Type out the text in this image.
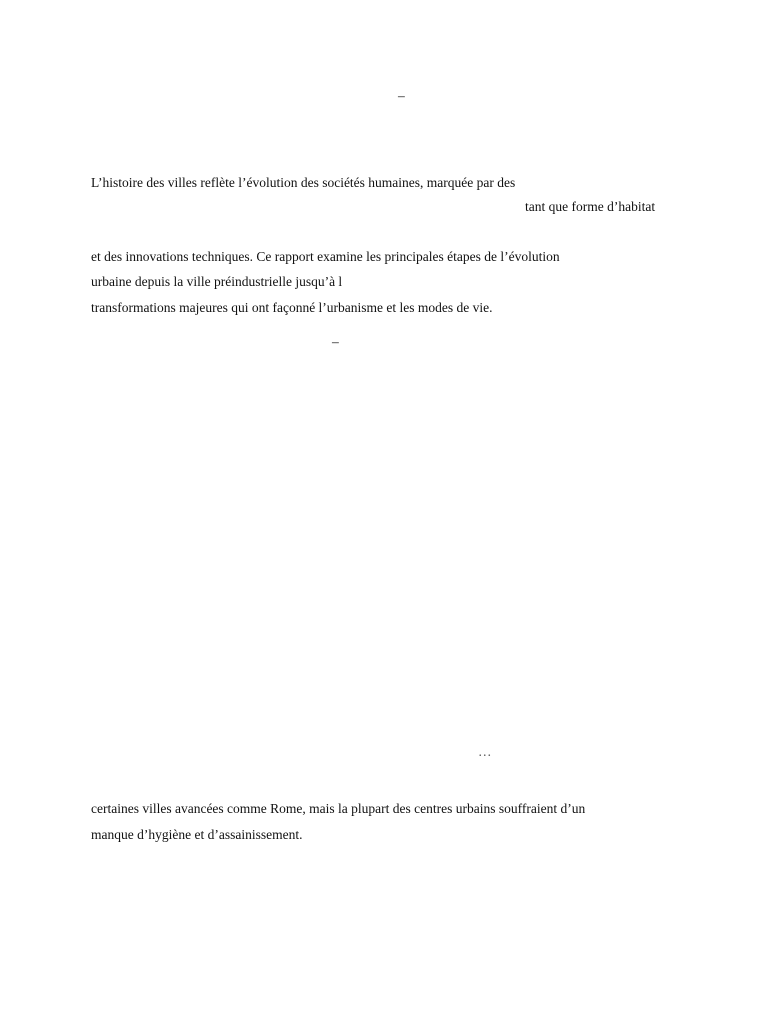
–
L’histoire des villes reflète l’évolution des sociétés humaines, marquée par des
tant que forme d’habitat
et des innovations techniques. Ce rapport examine les principales étapes de l’évolution
urbaine depuis la ville préindustrielle jusqu’à l
transformations majeures qui ont façonné l’urbanisme et les modes de vie.
–
…
certaines villes avancées comme Rome, mais la plupart des centres urbains souffraient d’un
manque d’hygiène et d’assainissement.
